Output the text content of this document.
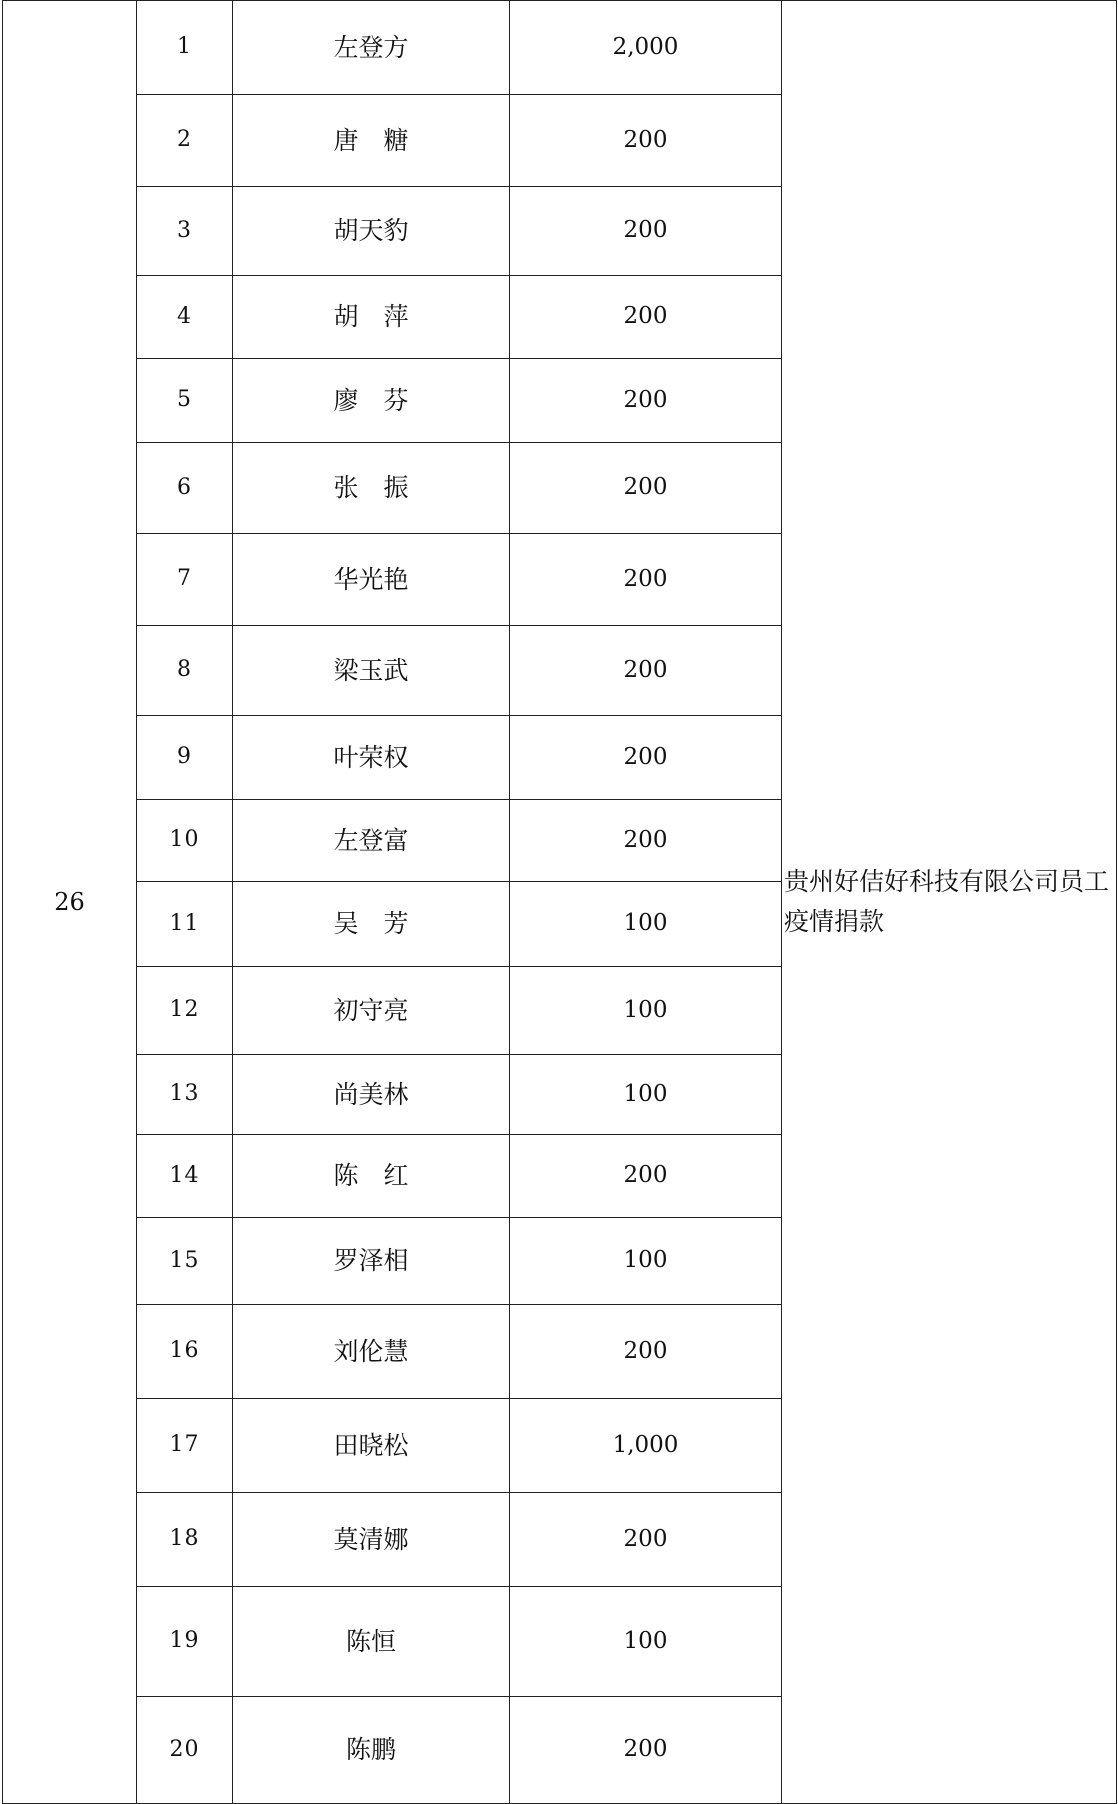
26	1	左登方	2,000	贵州好佶好科技有限公司员工疫情捐款
	2	唐　糖	200	
	3	胡天豹	200	
	4	胡　萍	200	
	5	廖　芬	200	
	6	张　振	200	
	7	华光艳	200	
	8	梁玉武	200	
	9	叶荣权	200	
	10	左登富	200	
	11	吴　芳	100	
	12	初守亮	100	
	13	尚美林	100	
	14	陈　红	200	
	15	罗泽相	100	
	16	刘伦慧	200	
	17	田晓松	1,000	
	18	莫清娜	200	
	19	陈恒	100	
	20	陈鹏	200	
